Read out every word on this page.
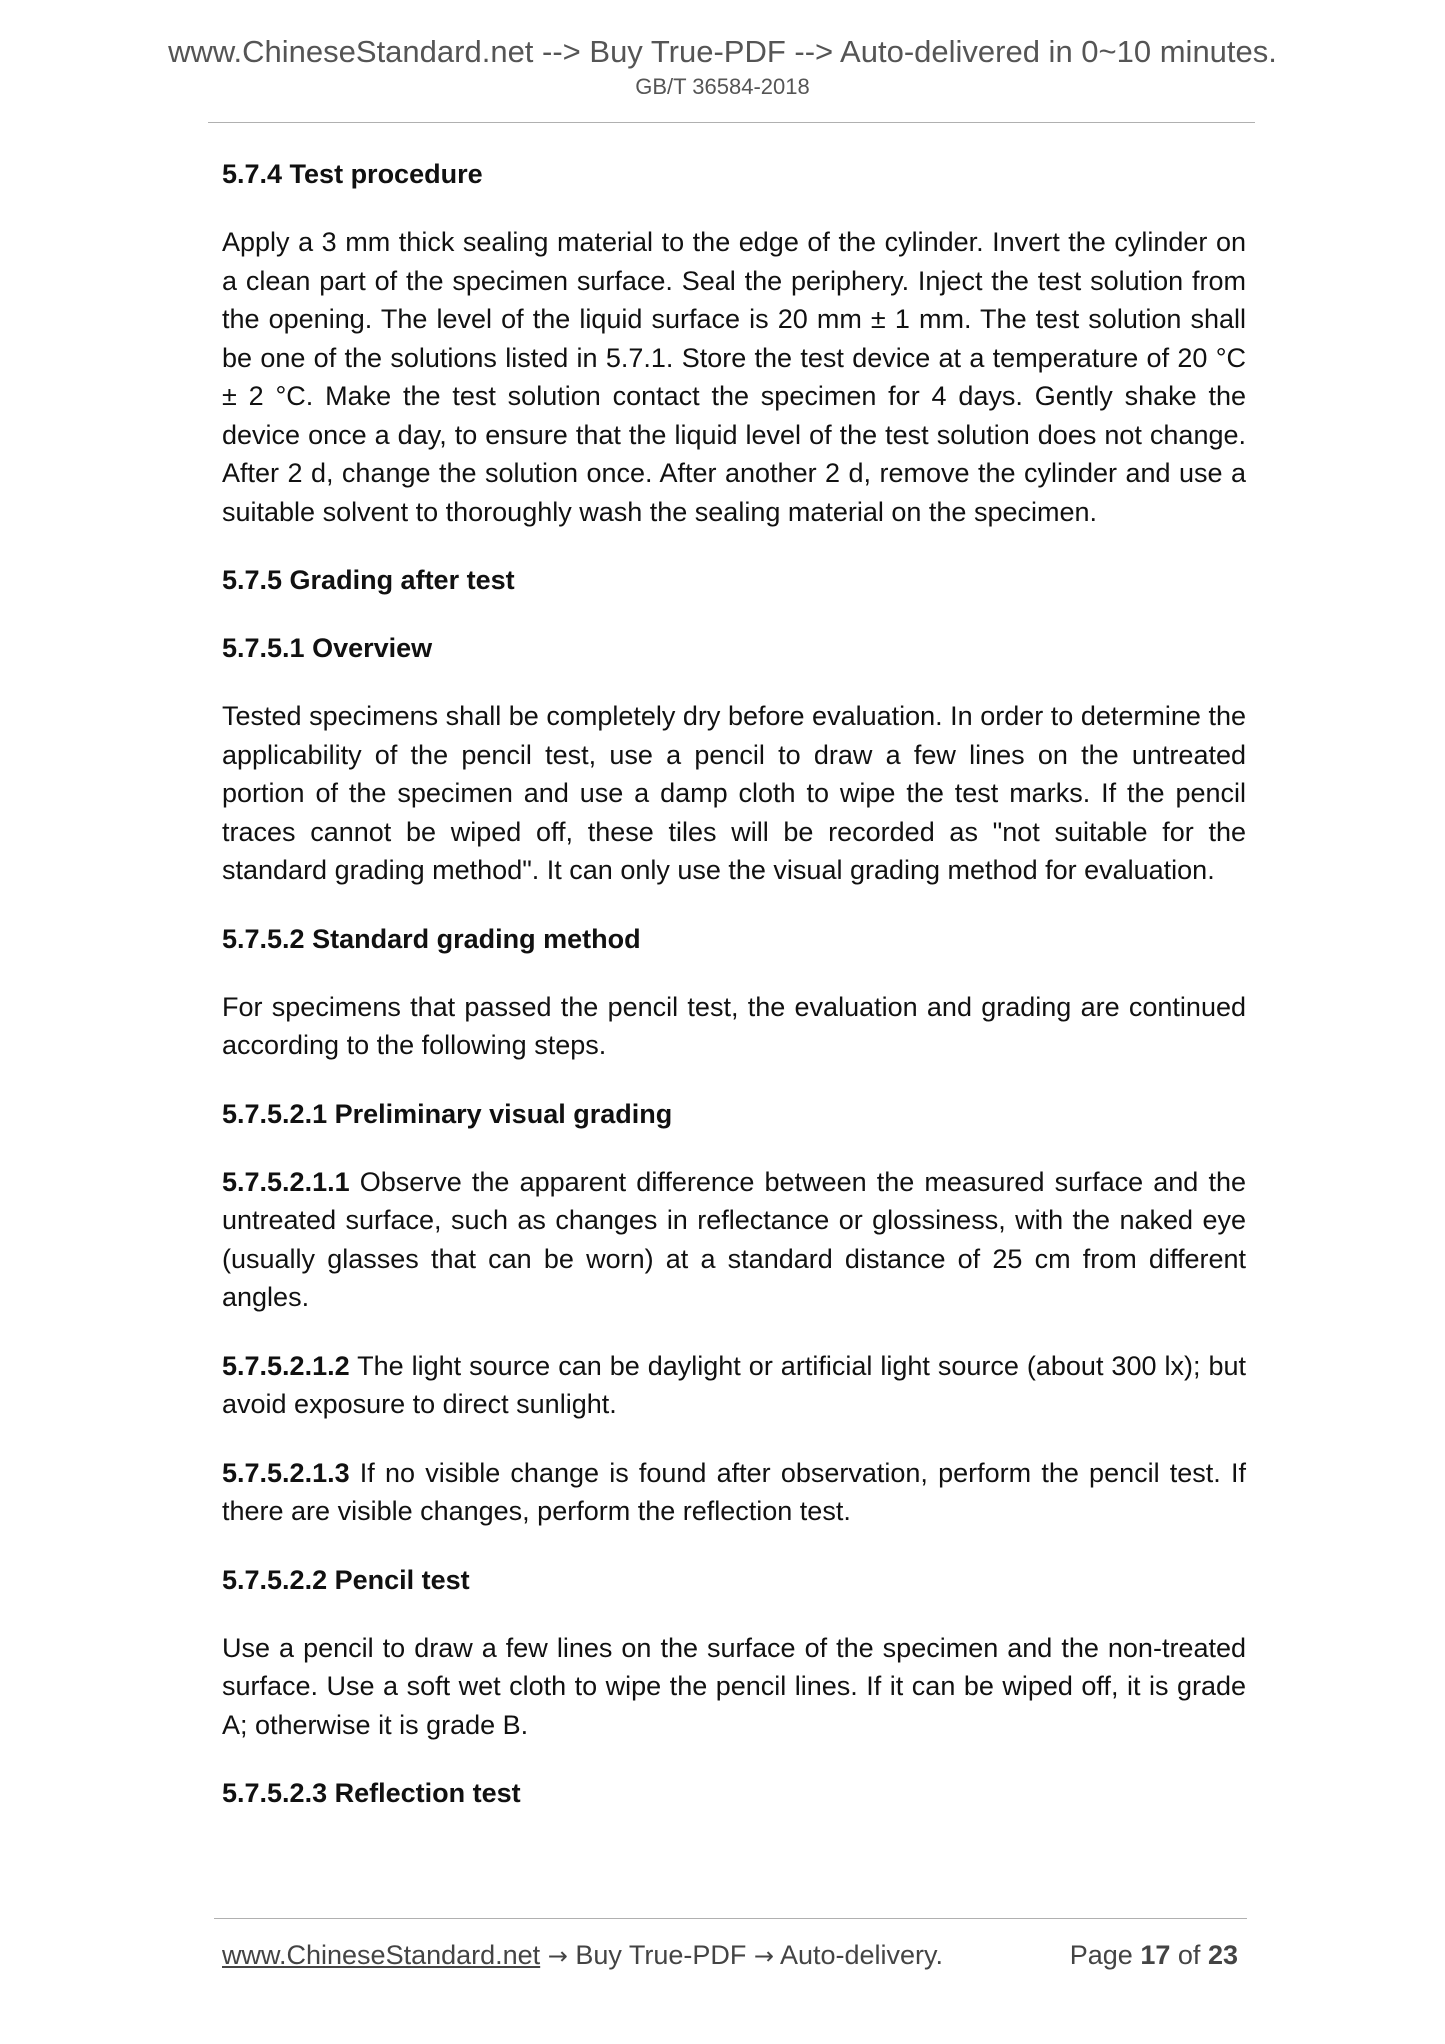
www.ChineseStandard.net --> Buy True-PDF --> Auto-delivered in 0~10 minutes.
GB/T 36584-2018
5.7.4 Test procedure
Apply a 3 mm thick sealing material to the edge of the cylinder. Invert the cylinder on a clean part of the specimen surface. Seal the periphery. Inject the test solution from the opening. The level of the liquid surface is 20 mm ± 1 mm. The test solution shall be one of the solutions listed in 5.7.1. Store the test device at a temperature of 20 °C ± 2 °C. Make the test solution contact the specimen for 4 days. Gently shake the device once a day, to ensure that the liquid level of the test solution does not change. After 2 d, change the solution once. After another 2 d, remove the cylinder and use a suitable solvent to thoroughly wash the sealing material on the specimen.
5.7.5 Grading after test
5.7.5.1 Overview
Tested specimens shall be completely dry before evaluation. In order to determine the applicability of the pencil test, use a pencil to draw a few lines on the untreated portion of the specimen and use a damp cloth to wipe the test marks. If the pencil traces cannot be wiped off, these tiles will be recorded as "not suitable for the standard grading method". It can only use the visual grading method for evaluation.
5.7.5.2 Standard grading method
For specimens that passed the pencil test, the evaluation and grading are continued according to the following steps.
5.7.5.2.1 Preliminary visual grading
5.7.5.2.1.1 Observe the apparent difference between the measured surface and the untreated surface, such as changes in reflectance or glossiness, with the naked eye (usually glasses that can be worn) at a standard distance of 25 cm from different angles.
5.7.5.2.1.2 The light source can be daylight or artificial light source (about 300 lx); but avoid exposure to direct sunlight.
5.7.5.2.1.3 If no visible change is found after observation, perform the pencil test. If there are visible changes, perform the reflection test.
5.7.5.2.2 Pencil test
Use a pencil to draw a few lines on the surface of the specimen and the non-treated surface. Use a soft wet cloth to wipe the pencil lines. If it can be wiped off, it is grade A; otherwise it is grade B.
5.7.5.2.3 Reflection test
www.ChineseStandard.net → Buy True-PDF → Auto-delivery.	Page 17 of 23
